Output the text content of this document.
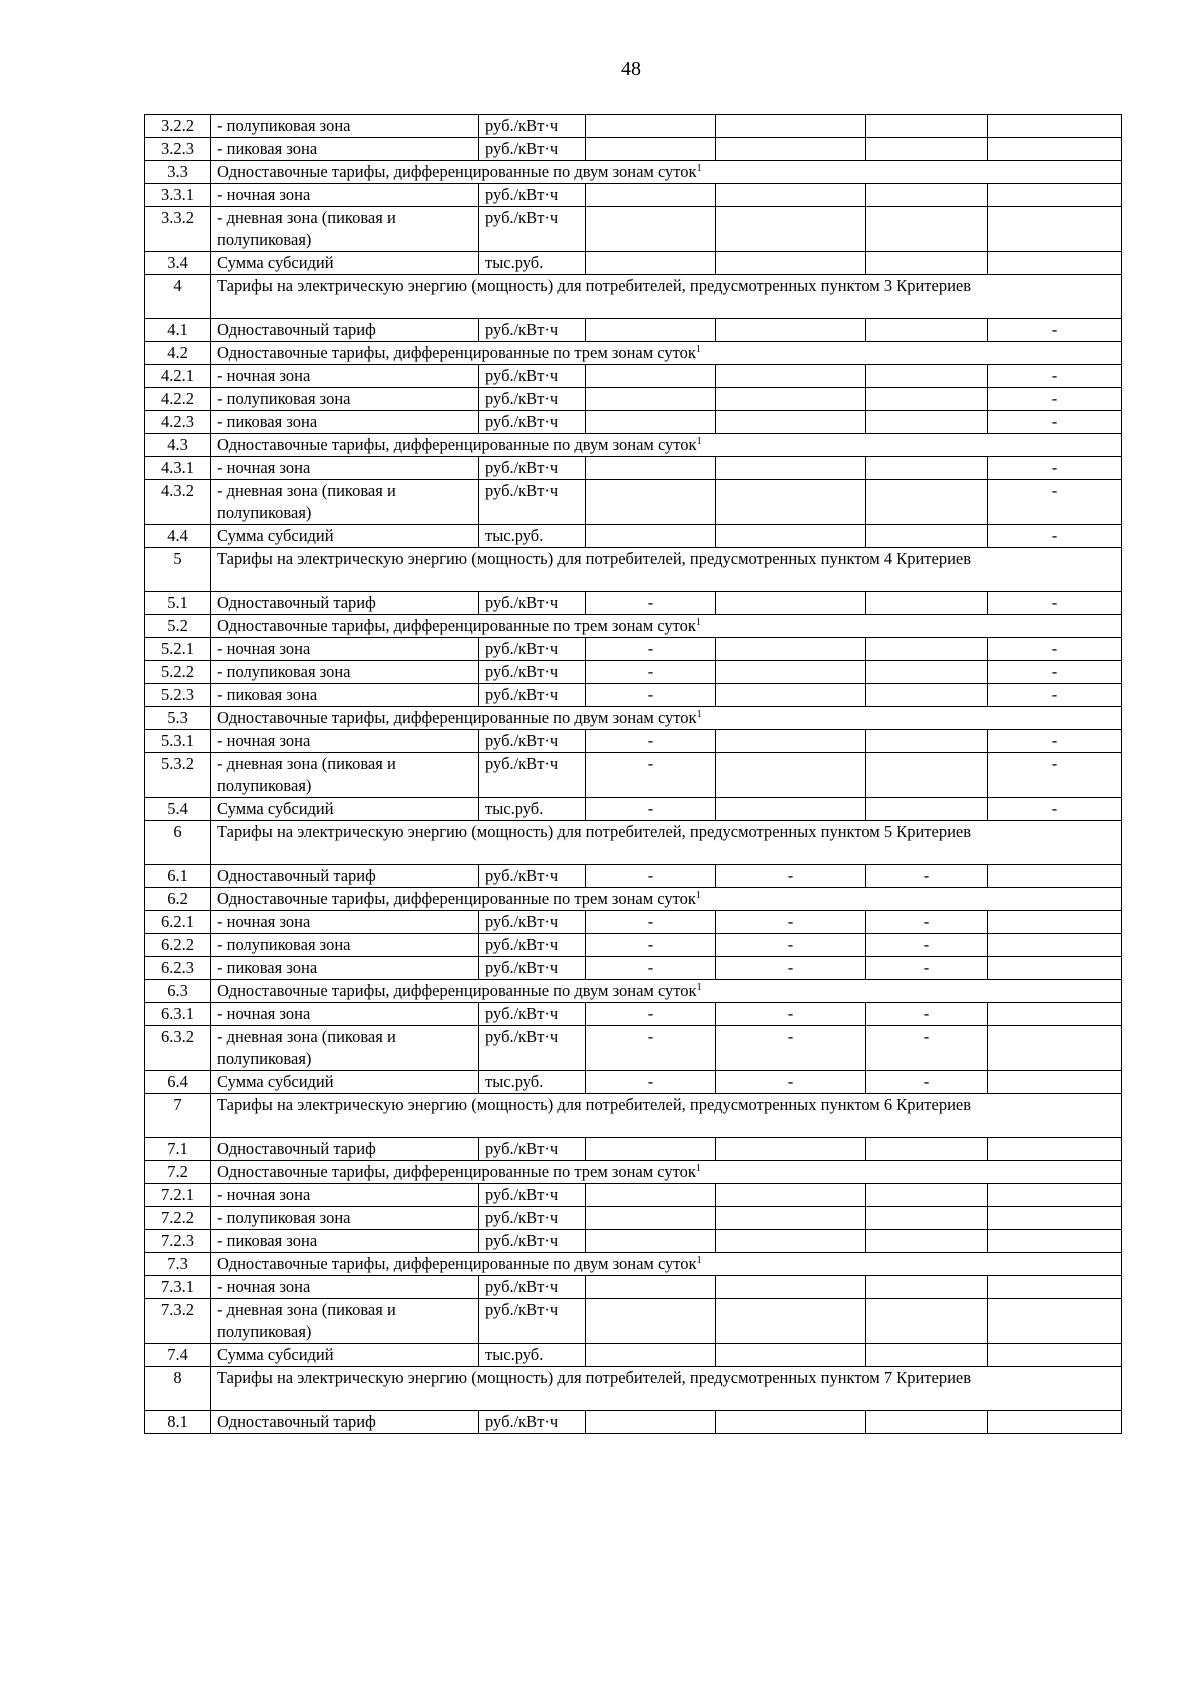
48
3.2.2	- полупиковая зона	руб./кВт·ч				
3.2.3	- пиковая зона	руб./кВт·ч				
3.3	Одноставочные тарифы, дифференцированные по двум зонам суток$^1$
3.3.1	- ночная зона	руб./кВт·ч				
3.3.2	- дневная зона (пиковая и полупиковая)	руб./кВт·ч				
3.4	Сумма субсидий	тыс.руб.				
4	Тарифы на электрическую энергию (мощность) для потребителей, предусмотренных пунктом 3 Критериев					
4.1	Одноставочный тариф	руб./кВт·ч				-
4.2	Одноставочные тарифы, дифференцированные по трем зонам суток$^1$
4.2.1	- ночная зона	руб./кВт·ч				-
4.2.2	- полупиковая зона	руб./кВт·ч				-
4.2.3	- пиковая зона	руб./кВт·ч				-
4.3	Одноставочные тарифы, дифференцированные по двум зонам суток$^1$
4.3.1	- ночная зона	руб./кВт·ч				-
4.3.2	- дневная зона (пиковая и полупиковая)	руб./кВт·ч				-
4.4	Сумма субсидий	тыс.руб.				-
5	Тарифы на электрическую энергию (мощность) для потребителей, предусмотренных пунктом 4 Критериев					
5.1	Одноставочный тариф	руб./кВт·ч	-			-
5.2	Одноставочные тарифы, дифференцированные по трем зонам суток$^1$
5.2.1	- ночная зона	руб./кВт·ч	-			-
5.2.2	- полупиковая зона	руб./кВт·ч	-			-
5.2.3	- пиковая зона	руб./кВт·ч	-			-
5.3	Одноставочные тарифы, дифференцированные по двум зонам суток$^1$
5.3.1	- ночная зона	руб./кВт·ч	-			-
5.3.2	- дневная зона (пиковая и полупиковая)	руб./кВт·ч	-			-
5.4	Сумма субсидий	тыс.руб.	-			-
6	Тарифы на электрическую энергию (мощность) для потребителей, предусмотренных пунктом 5 Критериев					
6.1	Одноставочный тариф	руб./кВт·ч	-	-	-	
6.2	Одноставочные тарифы, дифференцированные по трем зонам суток$^1$
6.2.1	- ночная зона	руб./кВт·ч	-	-	-	
6.2.2	- полупиковая зона	руб./кВт·ч	-	-	-	
6.2.3	- пиковая зона	руб./кВт·ч	-	-	-	
6.3	Одноставочные тарифы, дифференцированные по двум зонам суток$^1$
6.3.1	- ночная зона	руб./кВт·ч	-	-	-	
6.3.2	- дневная зона (пиковая и полупиковая)	руб./кВт·ч	-	-	-	
6.4	Сумма субсидий	тыс.руб.	-	-	-	
7	Тарифы на электрическую энергию (мощность) для потребителей, предусмотренных пунктом 6 Критериев					
7.1	Одноставочный тариф	руб./кВт·ч				
7.2	Одноставочные тарифы, дифференцированные по трем зонам суток$^1$
7.2.1	- ночная зона	руб./кВт·ч				
7.2.2	- полупиковая зона	руб./кВт·ч				
7.2.3	- пиковая зона	руб./кВт·ч				
7.3	Одноставочные тарифы, дифференцированные по двум зонам суток$^1$
7.3.1	- ночная зона	руб./кВт·ч				
7.3.2	- дневная зона (пиковая и полупиковая)	руб./кВт·ч				
7.4	Сумма субсидий	тыс.руб.				
8	Тарифы на электрическую энергию (мощность) для потребителей, предусмотренных пунктом 7 Критериев					
8.1	Одноставочный тариф	руб./кВт·ч				
